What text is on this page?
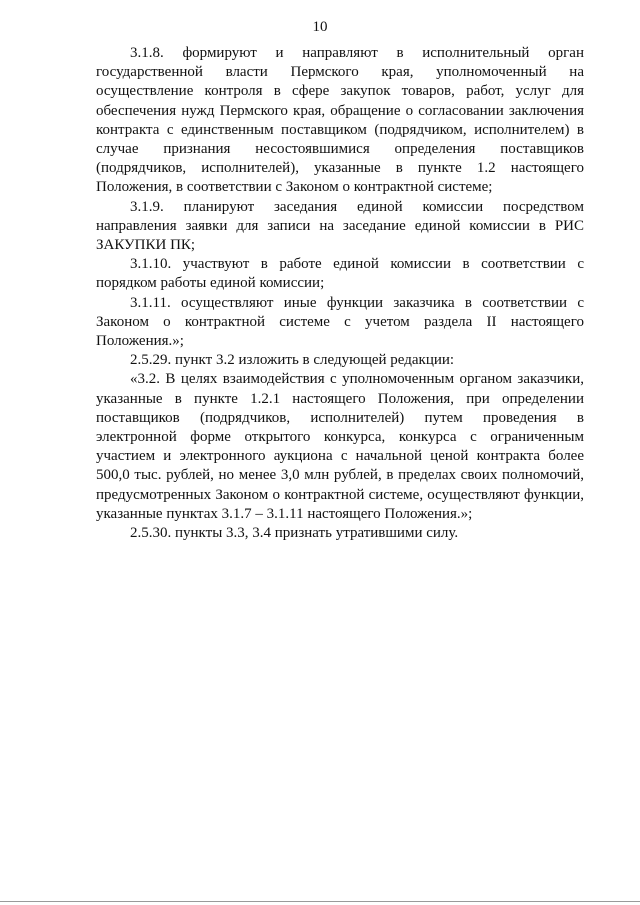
10

3.1.8. формируют и направляют в исполнительный орган государственной власти Пермского края, уполномоченный на осуществление контроля в сфере закупок товаров, работ, услуг для обеспечения нужд Пермского края, обращение о согласовании заключения контракта с единственным поставщиком (подрядчиком, исполнителем) в случае признания несостоявшимися определения поставщиков (подрядчиков, исполнителей), указанные в пункте 1.2 настоящего Положения, в соответствии с Законом о контрактной системе;

3.1.9. планируют заседания единой комиссии посредством направления заявки для записи на заседание единой комиссии в РИС ЗАКУПКИ ПК;

3.1.10. участвуют в работе единой комиссии в соответствии с порядком работы единой комиссии;

3.1.11. осуществляют иные функции заказчика в соответствии с Законом о контрактной системе с учетом раздела II настоящего Положения.»;

2.5.29. пункт 3.2 изложить в следующей редакции:

«3.2. В целях взаимодействия с уполномоченным органом заказчики, указанные в пункте 1.2.1 настоящего Положения, при определении поставщиков (подрядчиков, исполнителей) путем проведения в электронной форме открытого конкурса, конкурса с ограниченным участием и электронного аукциона с начальной ценой контракта более 500,0 тыс. рублей, но менее 3,0 млн рублей, в пределах своих полномочий, предусмотренных Законом о контрактной системе, осуществляют функции, указанные пунктах 3.1.7 – 3.1.11 настоящего Положения.»;

2.5.30. пункты 3.3, 3.4 признать утратившими силу.
